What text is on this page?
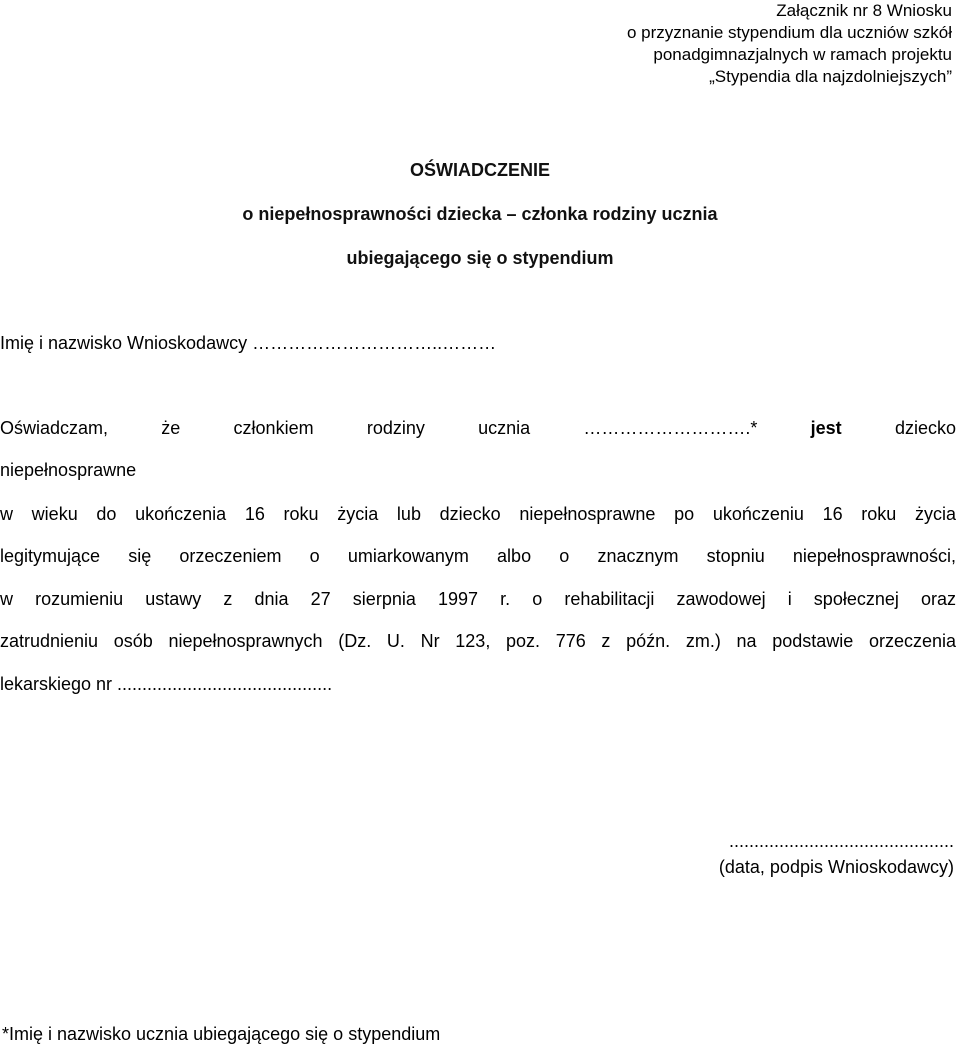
Załącznik nr 8 Wniosku
o przyznanie stypendium dla uczniów szkół
ponadgimnazjalnych w ramach projektu
„Stypendia dla najzdolniejszych”
OŚWIADCZENIE
o niepełnosprawności dziecka – członka rodziny ucznia
ubiegającego się o stypendium
Imię i nazwisko Wnioskodawcy …………………………..………
Oświadczam,	że	członkiem	rodziny	ucznia	……………………….*	jest	dziecko
niepełnosprawne
w wieku do ukończenia 16 roku życia lub dziecko niepełnosprawne po ukończeniu 16 roku życia
legitymujące się orzeczeniem o umiarkowanym albo o znacznym stopniu niepełnosprawności,
w rozumieniu ustawy z dnia 27 sierpnia 1997 r. o rehabilitacji zawodowej i społecznej oraz
zatrudnieniu osób niepełnosprawnych (Dz. U. Nr 123, poz. 776 z późn. zm.) na podstawie orzeczenia
lekarskiego nr ...........................................
.............................................
(data, podpis Wnioskodawcy)
*Imię i nazwisko ucznia ubiegającego się o stypendium
